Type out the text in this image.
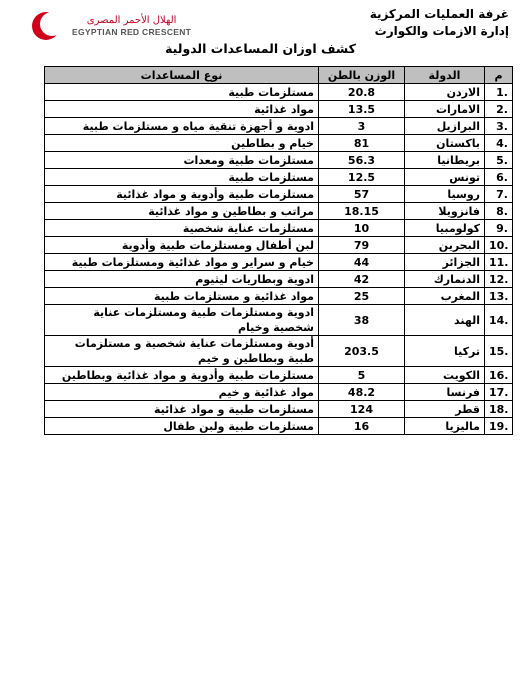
غرفة العمليات المركزية
إدارة الازمات والكوارث
الهلال الأحمر المصرى
EGYPTIAN RED CRESCENT
كشف اوزان المساعدات الدولية
م	الدولة	الوزن بالطن	نوع المساعدات
1.	الاردن	20.8	مستلزمات طبية
2.	الامارات	13.5	مواد غذائية
3.	البرازيل	3	ادوية و أجهزة تنقية مياه و مستلزمات طبية
4.	باكستان	81	خيام و بطاطين
5.	بريطانيا	56.3	مستلزمات طبية ومعدات
6.	تونس	12.5	مستلزمات طبية
7.	روسيا	57	مستلزمات طبية وأدوية و مواد غذائية
8.	فانزويلا	18.15	مراتب و بطاطين و مواد غذائية
9.	كولومبيا	10	مستلزمات عناية شخصية
10.	البحرين	79	لبن أطفال ومستلزمات طبية وأدوية
11.	الجزائر	44	خيام و سراير و مواد غذائية ومستلزمات طبية
12.	الدنمارك	42	ادوية وبطاريات ليثيوم
13.	المغرب	25	مواد غذائية و مستلزمات طبية
14.	الهند	38	ادوية ومستلزمات طبية ومستلزمات عناية شخصية وخيام
15.	تركيا	203.5	أدوية ومستلزمات عناية شخصية و مستلزمات طبية وبطاطين و خيم
16.	الكويت	5	مستلزمات طبية وأدوية و مواد غذائية وبطاطين
17.	فرنسا	48.2	مواد غذائية و خيم
18.	قطر	124	مستلزمات طبية و مواد غذائية
19.	ماليزيا	16	مستلزمات طبية ولبن طفال
